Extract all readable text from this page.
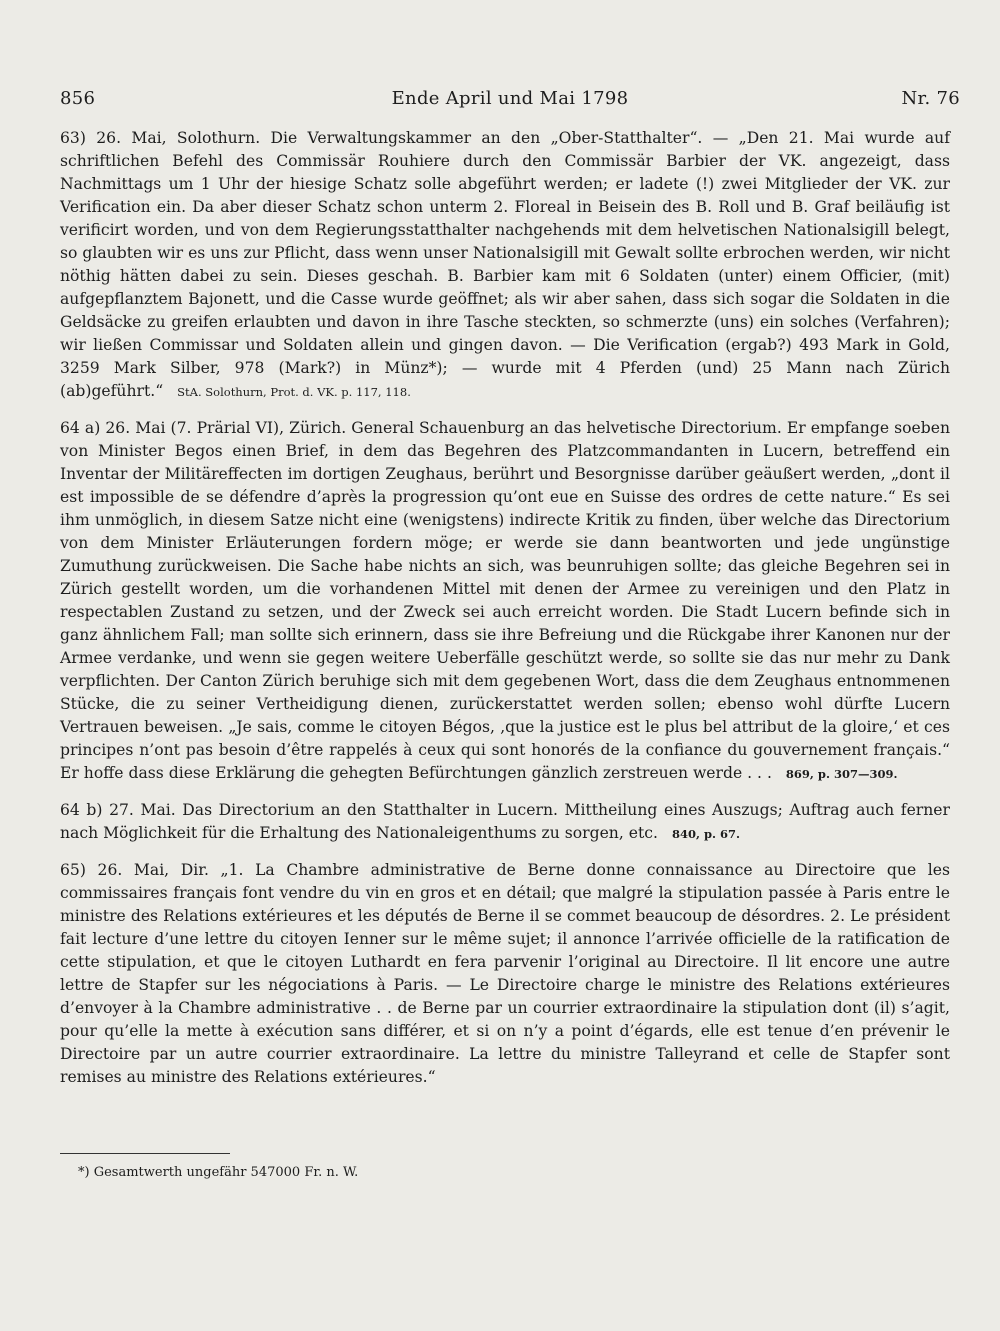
856	Ende April und Mai 1798	Nr. 76

63) 26. Mai, Solothurn. Die Verwaltungskammer an den „Ober-Statthalter“. — „Den 21. Mai wurde auf schriftlichen Befehl des Commissär Rouhiere durch den Commissär Barbier der VK. angezeigt, dass Nachmittags um 1 Uhr der hiesige Schatz solle abgeführt werden; er ladete (!) zwei Mitglieder der VK. zur Verification ein. Da aber dieser Schatz schon unterm 2. Floreal in Beisein des B. Roll und B. Graf beiläufig ist verificirt worden, und von dem Regierungsstatthalter nachgehends mit dem helvetischen Nationalsigill belegt, so glaubten wir es uns zur Pflicht, dass wenn unser Nationalsigill mit Gewalt sollte erbrochen werden, wir nicht nöthig hätten dabei zu sein. Dieses geschah. B. Barbier kam mit 6 Soldaten (unter) einem Officier, (mit) aufgepflanztem Bajonett, und die Casse wurde geöffnet; als wir aber sahen, dass sich sogar die Soldaten in die Geldsäcke zu greifen erlaubten und davon in ihre Tasche steckten, so schmerzte (uns) ein solches (Verfahren); wir ließen Commissar und Soldaten allein und gingen davon. — Die Verification (ergab?) 493 Mark in Gold, 3259 Mark Silber, 978 (Mark?) in Münz*); — wurde mit 4 Pferden (und) 25 Mann nach Zürich (ab)geführt.“ StA. Solothurn, Prot. d. VK. p. 117, 118.

64 a) 26. Mai (7. Prärial VI), Zürich. General Schauenburg an das helvetische Directorium. Er empfange soeben von Minister Begos einen Brief, in dem das Begehren des Platzcommandanten in Lucern, betreffend ein Inventar der Militäreffecten im dortigen Zeughaus, berührt und Besorgnisse darüber geäußert werden, „dont il est impossible de se défendre d’après la progression qu’ont eue en Suisse des ordres de cette nature.“ Es sei ihm unmöglich, in diesem Satze nicht eine (wenigstens) indirecte Kritik zu finden, über welche das Directorium von dem Minister Erläuterungen fordern möge; er werde sie dann beantworten und jede ungünstige Zumuthung zurückweisen. Die Sache habe nichts an sich, was beunruhigen sollte; das gleiche Begehren sei in Zürich gestellt worden, um die vorhandenen Mittel mit denen der Armee zu vereinigen und den Platz in respectablen Zustand zu setzen, und der Zweck sei auch erreicht worden. Die Stadt Lucern befinde sich in ganz ähnlichem Fall; man sollte sich erinnern, dass sie ihre Befreiung und die Rückgabe ihrer Kanonen nur der Armee verdanke, und wenn sie gegen weitere Ueberfälle geschützt werde, so sollte sie das nur mehr zu Dank verpflichten. Der Canton Zürich beruhige sich mit dem gegebenen Wort, dass die dem Zeughaus entnommenen Stücke, die zu seiner Vertheidigung dienen, zurückerstattet werden sollen; ebenso wohl dürfte Lucern Vertrauen beweisen. „Je sais, comme le citoyen Bégos, ‚que la justice est le plus bel attribut de la gloire,‘ et ces principes n’ont pas besoin d’être rappelés à ceux qui sont honorés de la confiance du gouvernement français.“ Er hoffe dass diese Erklärung die gehegten Befürchtungen gänzlich zerstreuen werde . . . 869, p. 307—309.

64 b) 27. Mai. Das Directorium an den Statthalter in Lucern. Mittheilung eines Auszugs; Auftrag auch ferner nach Möglichkeit für die Erhaltung des Nationaleigenthums zu sorgen, etc. 840, p. 67.

65) 26. Mai, Dir. „1. La Chambre administrative de Berne donne connaissance au Directoire que les commissaires français font vendre du vin en gros et en détail; que malgré la stipulation passée à Paris entre le ministre des Relations extérieures et les députés de Berne il se commet beaucoup de désordres. 2. Le président fait lecture d’une lettre du citoyen Ienner sur le même sujet; il annonce l’arrivée officielle de la ratification de cette stipulation, et que le citoyen Luthardt en fera parvenir l’original au Directoire. Il lit encore une autre lettre de Stapfer sur les négociations à Paris. — Le Directoire charge le ministre des Relations extérieures d’envoyer à la Chambre administrative . . de Berne par un courrier extraordinaire la stipulation dont (il) s’agit, pour qu’elle la mette à exécution sans différer, et si on n’y a point d’égards, elle est tenue d’en prévenir le Directoire par un autre courrier extraordinaire. La lettre du ministre Talleyrand et celle de Stapfer sont remises au ministre des Relations extérieures.“

*) Gesamtwerth ungefähr 547000 Fr. n. W.
